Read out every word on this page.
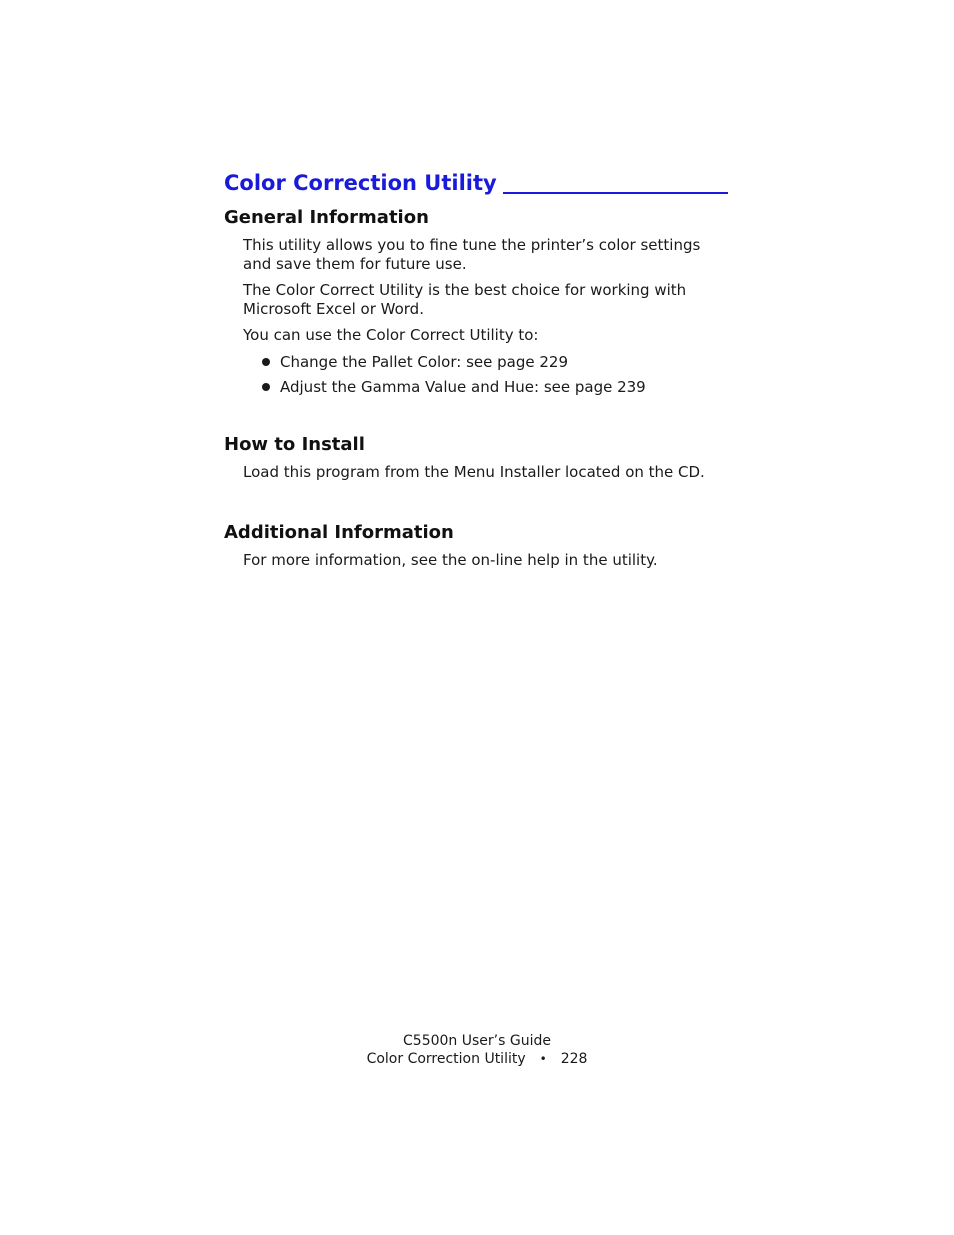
Color Correction Utility
General Information
This utility allows you to fine tune the printer’s color settings and save them for future use.
The Color Correct Utility is the best choice for working with Microsoft Excel or Word.
You can use the Color Correct Utility to:
Change the Pallet Color: see page 229
Adjust the Gamma Value and Hue: see page 239
How to Install
Load this program from the Menu Installer located on the CD.
Additional Information
For more information, see the on-line help in the utility.
C5500n User’s Guide
Color Correction Utility • 228
